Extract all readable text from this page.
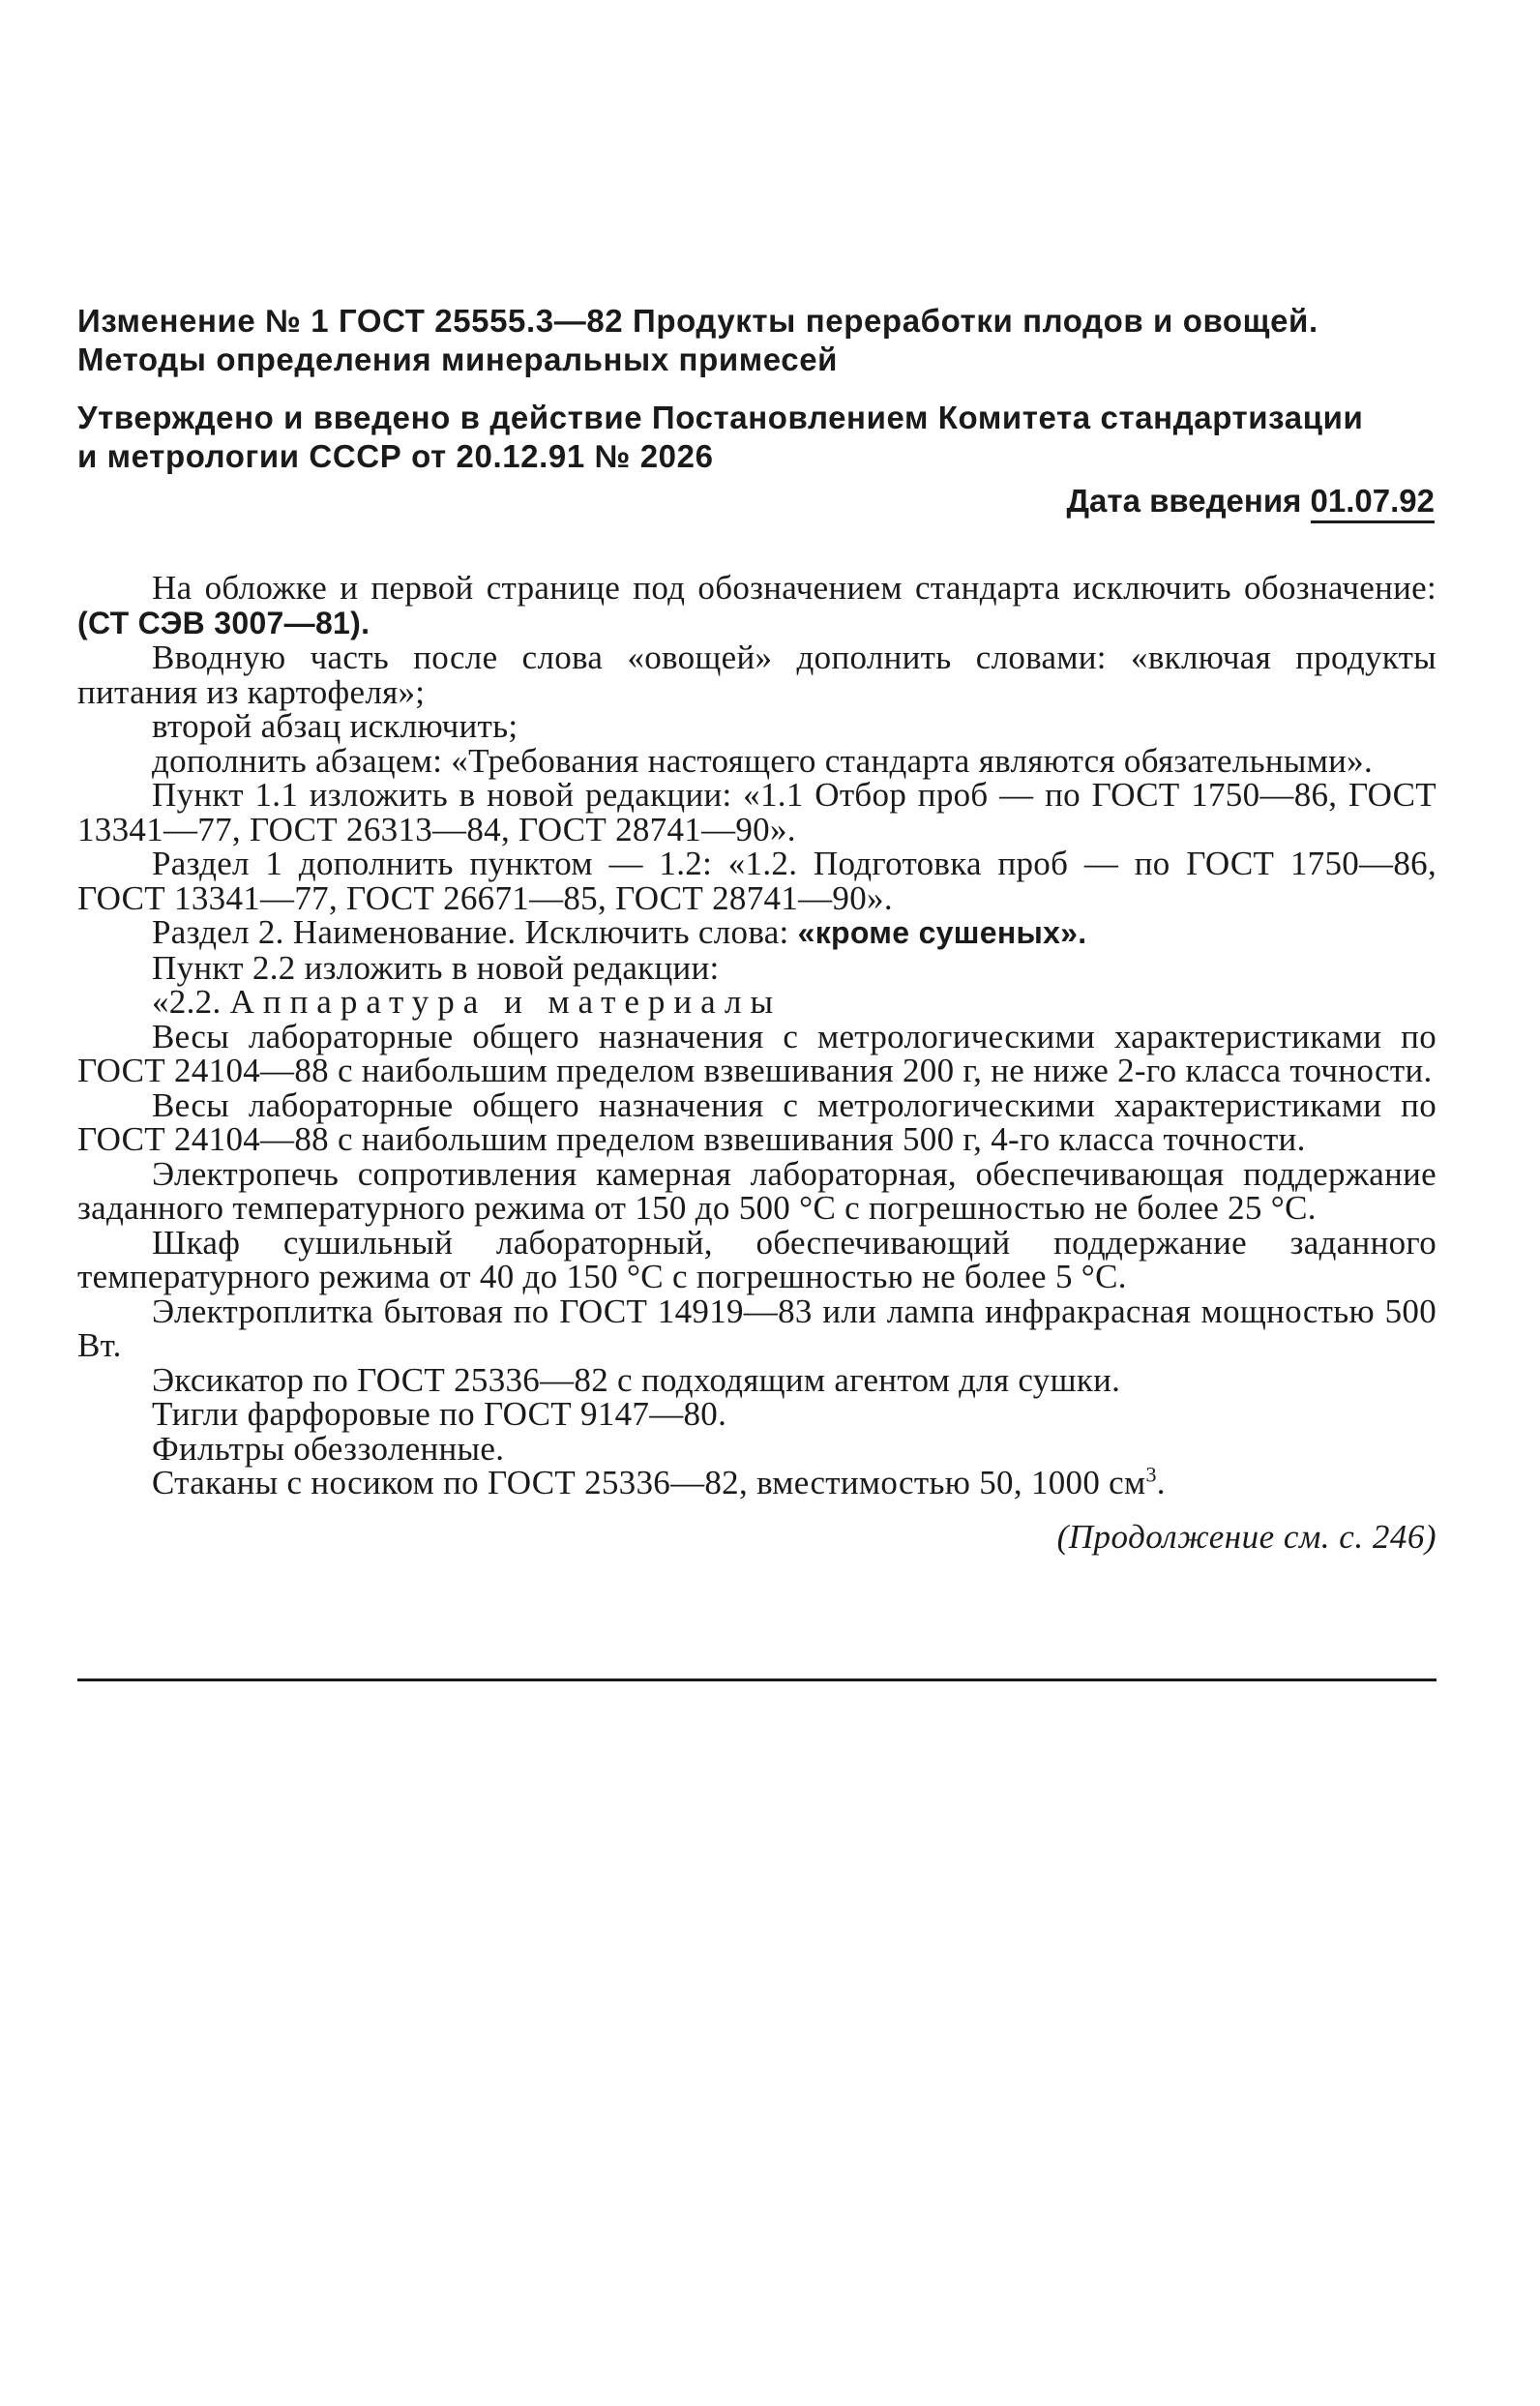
Изменение № 1 ГОСТ 25555.3—82 Продукты переработки плодов и овощей.
Методы определения минеральных примесей
Утверждено и введено в действие Постановлением Комитета стандартизации
и метрологии СССР от 20.12.91 № 2026
Дата введения 01.07.92

На обложке и первой странице под обозначением стандарта исключить обозначение: (СТ СЭВ 3007—81).

Вводную часть после слова «овощей» дополнить словами: «включая продукты питания из картофеля»;

второй абзац исключить;

дополнить абзацем: «Требования настоящего стандарта являются обязательными».

Пункт 1.1 изложить в новой редакции: «1.1 Отбор проб — по ГОСТ 1750—86, ГОСТ 13341—77, ГОСТ 26313—84, ГОСТ 28741—90».

Раздел 1 дополнить пунктом — 1.2: «1.2. Подготовка проб — по ГОСТ 1750—86, ГОСТ 13341—77, ГОСТ 26671—85, ГОСТ 28741—90».

Раздел 2. Наименование. Исключить слова: «кроме сушеных».

Пункт 2.2 изложить в новой редакции:

«2.2. Аппаратура и материалы

Весы лабораторные общего назначения с метрологическими характеристиками по ГОСТ 24104—88 с наибольшим пределом взвешивания 200 г, не ниже 2-го класса точности.

Весы лабораторные общего назначения с метрологическими характеристиками по ГОСТ 24104—88 с наибольшим пределом взвешивания 500 г, 4-го класса точности.

Электропечь сопротивления камерная лабораторная, обеспечивающая поддержание заданного температурного режима от 150 до 500 °С с погрешностью не более 25 °С.

Шкаф сушильный лабораторный, обеспечивающий поддержание заданного температурного режима от 40 до 150 °С с погрешностью не более 5 °С.

Электроплитка бытовая по ГОСТ 14919—83 или лампа инфракрасная мощностью 500 Вт.

Эксикатор по ГОСТ 25336—82 с подходящим агентом для сушки.

Тигли фарфоровые по ГОСТ 9147—80.

Фильтры обеззоленные.

Стаканы с носиком по ГОСТ 25336—82, вместимостью 50, 1000 $см^3$.

(Продолжение см. с. 246)
